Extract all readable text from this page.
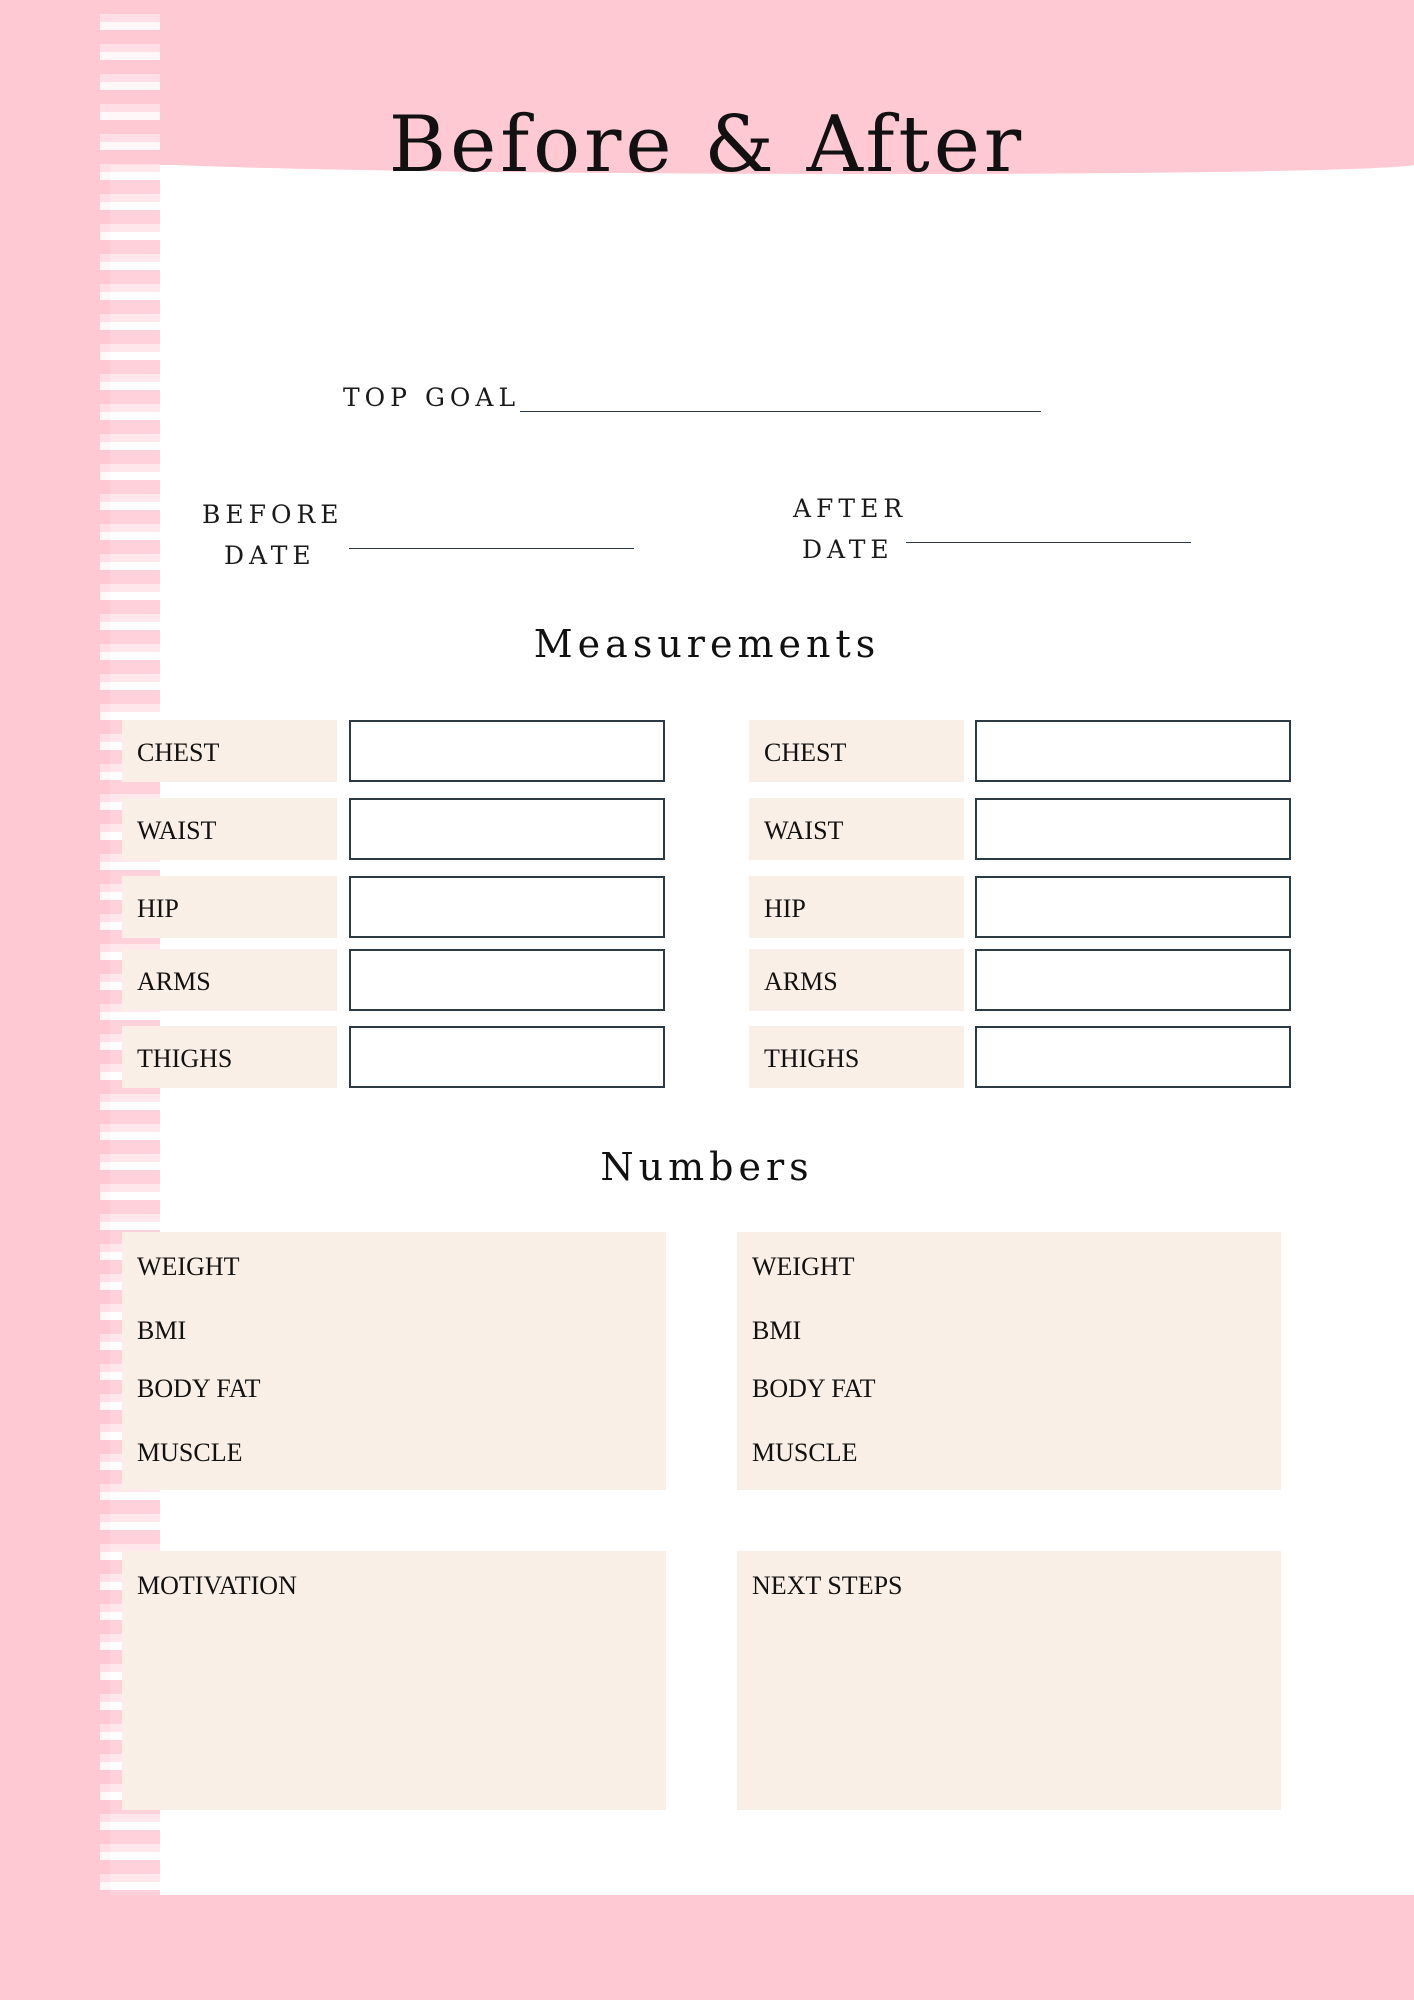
Before & After
TOP GOAL
BEFORE
DATE
AFTER
DATE
Measurements
CHEST
WAIST
HIP
ARMS
THIGHS
CHEST
WAIST
HIP
ARMS
THIGHS
Numbers
WEIGHT
BMI
BODY FAT
MUSCLE
WEIGHT
BMI
BODY FAT
MUSCLE
MOTIVATION	NEXT STEPS
